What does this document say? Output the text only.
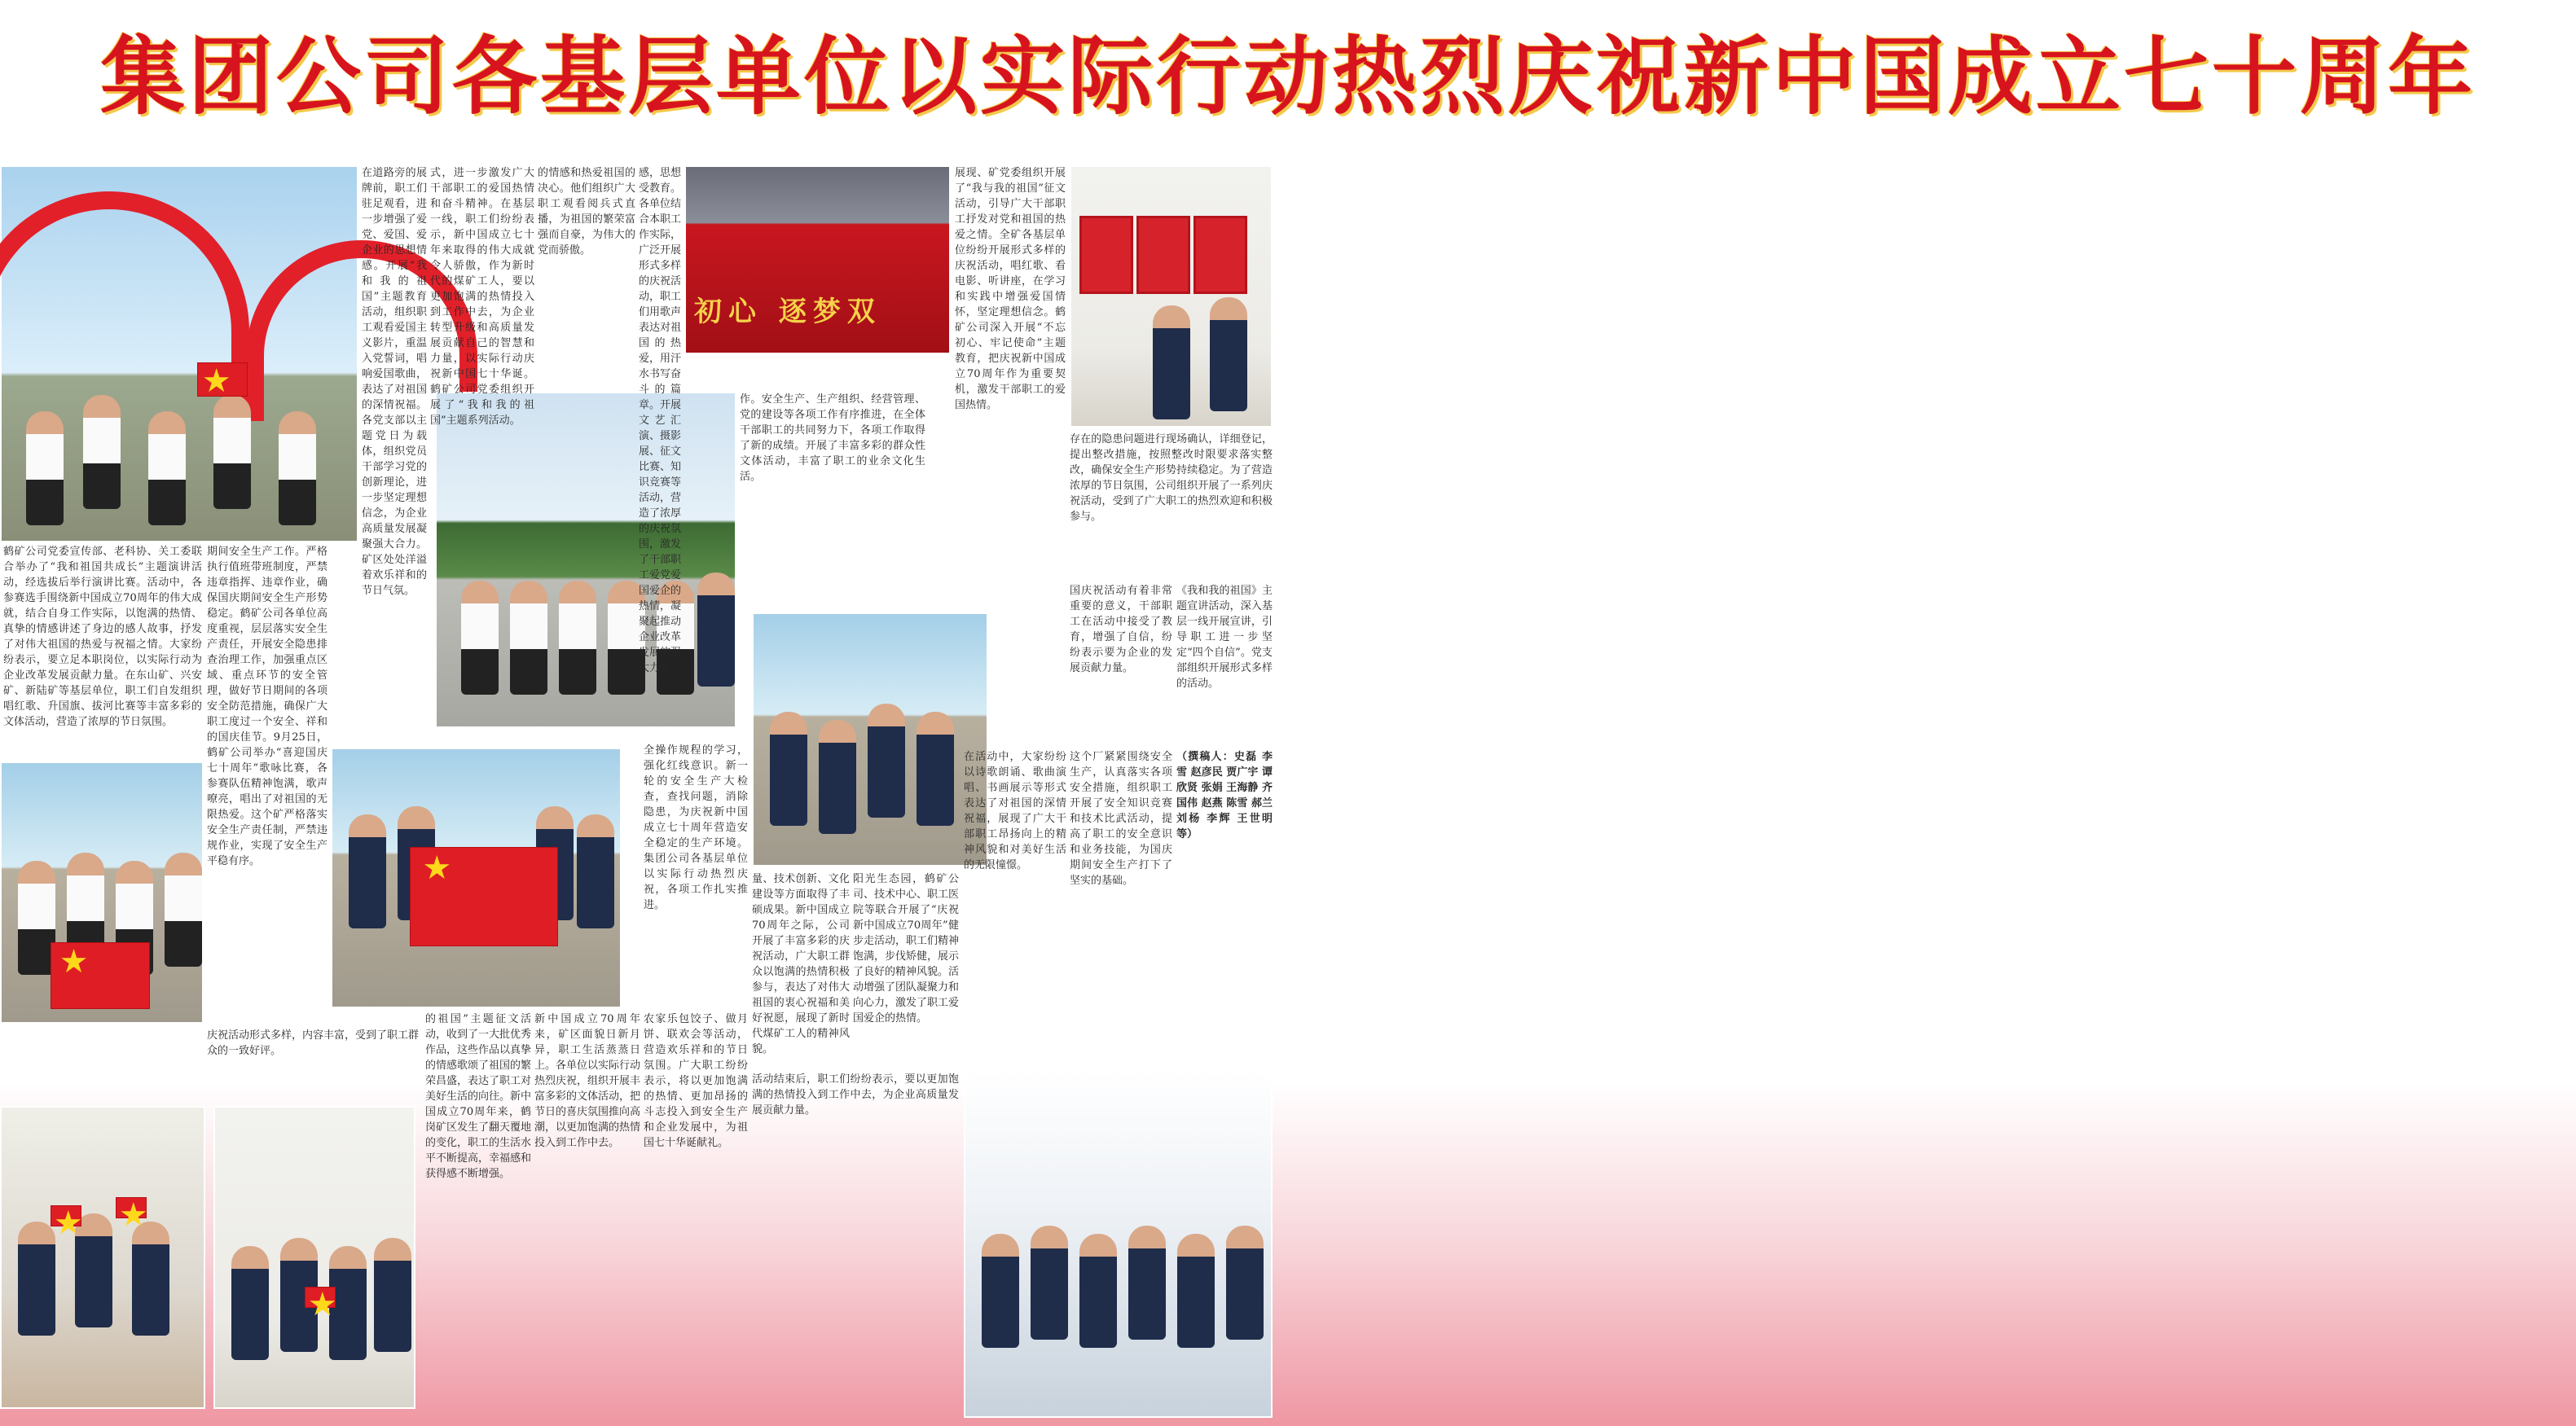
集团公司各基层单位以实际行动热烈庆祝新中国成立七十周年
★
★
★
★
★
★
初心 逐梦双
鹤矿公司党委宣传部、老科协、关工委联合举办了“我和祖国共成长”主题演讲活动，经选拔后举行演讲比赛。活动中，各参赛选手围绕新中国成立70周年的伟大成就，结合自身工作实际，以饱满的热情、真挚的情感讲述了身边的感人故事，抒发了对伟大祖国的热爱与祝福之情。大家纷纷表示，要立足本职岗位，以实际行动为企业改革发展贡献力量。在东山矿、兴安矿、新陆矿等基层单位，职工们自发组织唱红歌、升国旗、拔河比赛等丰富多彩的文体活动，营造了浓厚的节日氛围。
期间安全生产工作。严格执行值班带班制度，严禁违章指挥、违章作业，确保国庆期间安全生产形势稳定。鹤矿公司各单位高度重视，层层落实安全生产责任，开展安全隐患排查治理工作，加强重点区域、重点环节的安全管理，做好节日期间的各项安全防范措施，确保广大职工度过一个安全、祥和的国庆佳节。9月25日，鹤矿公司举办“喜迎国庆七十周年”歌咏比赛，各参赛队伍精神饱满，歌声嘹亮，唱出了对祖国的无限热爱。这个矿严格落实安全生产责任制，严禁违规作业，实现了安全生产平稳有序。
在道路旁的展牌前，职工们驻足观看，进一步增强了爱党、爱国、爱企业的思想情感。开展“我和我的祖国”主题教育活动，组织职工观看爱国主义影片，重温入党誓词，唱响爱国歌曲，表达了对祖国的深情祝福。各党支部以主题党日为载体，组织党员干部学习党的创新理论，进一步坚定理想信念，为企业高质量发展凝聚强大合力。矿区处处洋溢着欢乐祥和的节日气氛。
式，进一步激发广大干部职工的爱国热情和奋斗精神。在基层一线，职工们纷纷表示，新中国成立七十年来取得的伟大成就令人骄傲，作为新时代的煤矿工人，要以更加饱满的热情投入到工作中去，为企业转型升级和高质量发展贡献自己的智慧和力量，以实际行动庆祝新中国七十华诞。鹤矿公司党委组织开展了“我和我的祖国”主题系列活动。
的情感和热爱祖国的决心。他们组织广大职工观看阅兵式直播，为祖国的繁荣富强而自豪，为伟大的党而骄傲。
感，思想受教育。各单位结合本职工作实际，广泛开展形式多样的庆祝活动，职工们用歌声表达对祖国的热爱，用汗水书写奋斗的篇章。开展文艺汇演、摄影展、征文比赛、知识竞赛等活动，营造了浓厚的庆祝氛围，激发了干部职工爱党爱国爱企的热情，凝聚起推动企业改革发展的强大力量。
作。安全生产、生产组织、经营管理、党的建设等各项工作有序推进，在全体干部职工的共同努力下，各项工作取得了新的成绩。开展了丰富多彩的群众性文体活动，丰富了职工的业余文化生活。
展现、矿党委组织开展了“我与我的祖国”征文活动，引导广大干部职工抒发对党和祖国的热爱之情。全矿各基层单位纷纷开展形式多样的庆祝活动，唱红歌、看电影、听讲座，在学习和实践中增强爱国情怀，坚定理想信念。鹤矿公司深入开展“不忘初心、牢记使命”主题教育，把庆祝新中国成立70周年作为重要契机，激发干部职工的爱国热情。
存在的隐患问题进行现场确认，详细登记，提出整改措施，按照整改时限要求落实整改，确保安全生产形势持续稳定。为了营造浓厚的节日氛围，公司组织开展了一系列庆祝活动，受到了广大职工的热烈欢迎和积极参与。
《我和我的祖国》主题宣讲活动，深入基层一线开展宣讲，引导职工进一步坚定“四个自信”。党支部组织开展形式多样的活动。
全操作规程的学习，强化红线意识。新一轮的安全生产大检查，查找问题，消除隐患，为庆祝新中国成立七十周年营造安全稳定的生产环境。集团公司各基层单位以实际行动热烈庆祝，各项工作扎实推进。
量、技术创新、文化建设等方面取得了丰硕成果。新中国成立70周年之际，公司开展了丰富多彩的庆祝活动，广大职工群众以饱满的热情积极参与，表达了对伟大祖国的衷心祝福和美好祝愿，展现了新时代煤矿工人的精神风貌。
阳光生态园，鹤矿公司、技术中心、职工医院等联合开展了“庆祝新中国成立70周年”健步走活动，职工们精神饱满，步伐矫健，展示了良好的精神风貌。活动增强了团队凝聚力和向心力，激发了职工爱国爱企的热情。
的祖国”主题征文活动，收到了一大批优秀作品，这些作品以真挚的情感歌颂了祖国的繁荣昌盛，表达了职工对美好生活的向往。新中国成立70周年来，鹤岗矿区发生了翻天覆地的变化，职工的生活水平不断提高，幸福感和获得感不断增强。
新中国成立70周年来，矿区面貌日新月异，职工生活蒸蒸日上。各单位以实际行动热烈庆祝，组织开展丰富多彩的文体活动，把节日的喜庆氛围推向高潮，以更加饱满的热情投入到工作中去。
农家乐包饺子、做月饼、联欢会等活动，营造欢乐祥和的节日氛围。广大职工纷纷表示，将以更加饱满的热情、更加昂扬的斗志投入到安全生产和企业发展中，为祖国七十华诞献礼。
国庆祝活动有着非常重要的意义，干部职工在活动中接受了教育，增强了自信，纷纷表示要为企业的发展贡献力量。
在活动中，大家纷纷以诗歌朗诵、歌曲演唱、书画展示等形式表达了对祖国的深情祝福，展现了广大干部职工昂扬向上的精神风貌和对美好生活的无限憧憬。
这个厂紧紧围绕安全生产，认真落实各项安全措施，组织职工开展了安全知识竞赛和技术比武活动，提高了职工的安全意识和业务技能，为国庆期间安全生产打下了坚实的基础。
（撰稿人：史磊 李雪 赵彦民 贾广宇 谭欣贤 张娟 王海静 齐国伟 赵燕 陈雪 郝兰 刘杨 李辉 王世明 等）
活动结束后，职工们纷纷表示，要以更加饱满的热情投入到工作中去，为企业高质量发展贡献力量。
庆祝活动形式多样，内容丰富，受到了职工群众的一致好评。
